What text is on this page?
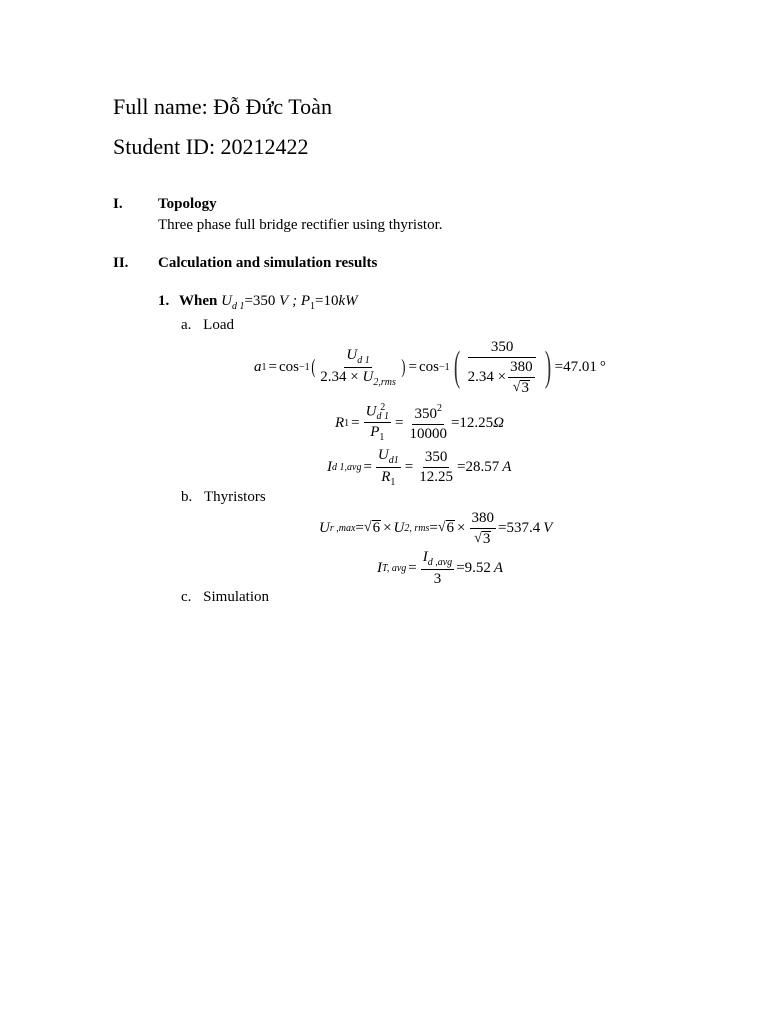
Full name: Đỗ Đức Toàn
Student ID: 20212422
I. Topology
Three phase full bridge rectifier using thyristor.
II. Calculation and simulation results
1. When $U_{d 1}=350$ V ; $P_1=10kW$
a. Load
a 1 = cos −1 ( $\frac{U_{d 1}}{2.34 \times U_{2,rms}}$ ) = cos −1 ( $\frac{350}{2.34 \times \frac{380}{√ 3}}$ ) =47.01 °
R 1 = U 2
d 1
$P_1 = \frac{350^2}{10000} =12.25$ Ω
I d $1,avg = \frac{U_{d1}}{R_1} = \frac{350}{12.25} =28.57$ A
b. Thyristors
U r ,max = √ 6 × U 2, rms = √ $6 \times \frac{380}{√ 3} =537.4$ V
I T, avg = $\frac{I_{d ,avg}}{3} =9.52$ A
c. Simulation
